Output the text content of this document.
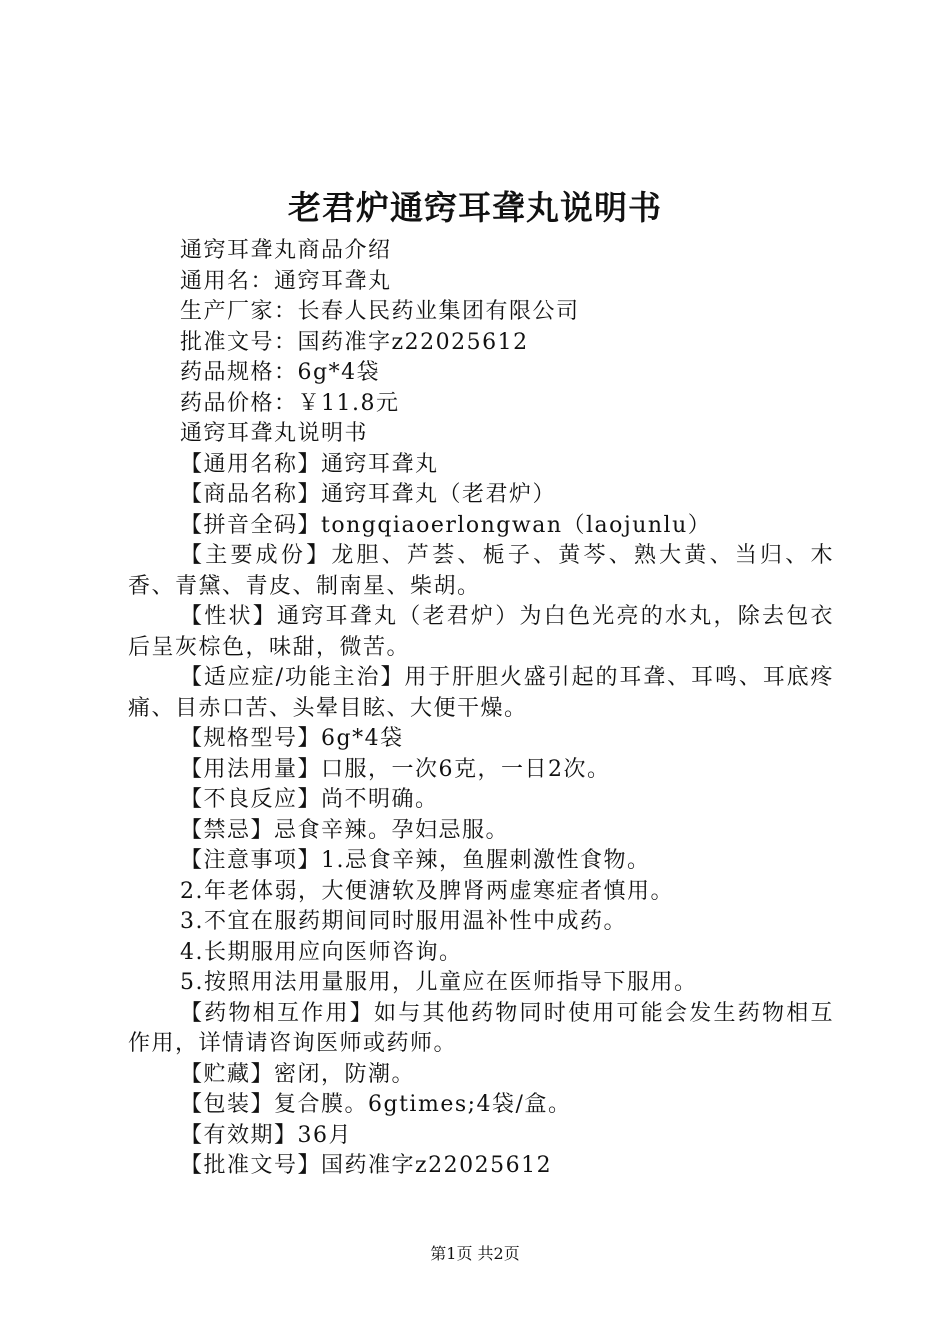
老君炉通窍耳聋丸说明书

通窍耳聋丸商品介绍

通用名：通窍耳聋丸

生产厂家：长春人民药业集团有限公司

批准文号：国药准字z22025612

药品规格：6g*4袋

药品价格：￥11.8元

通窍耳聋丸说明书

【通用名称】通窍耳聋丸

【商品名称】通窍耳聋丸（老君炉）

【拼音全码】tongqiaoerlongwan（laojunlu）

【主要成份】龙胆、芦荟、栀子、黄芩、熟大黄、当归、木香、青黛、青皮、制南星、柴胡。

【性状】通窍耳聋丸（老君炉）为白色光亮的水丸，除去包衣后呈灰棕色，味甜，微苦。

【适应症/功能主治】用于肝胆火盛引起的耳聋、耳鸣、耳底疼痛、目赤口苦、头晕目眩、大便干燥。

【规格型号】6g*4袋

【用法用量】口服，一次6克，一日2次。

【不良反应】尚不明确。

【禁忌】忌食辛辣。孕妇忌服。

【注意事项】1.忌食辛辣，鱼腥刺激性食物。

2.年老体弱，大便溏软及脾肾两虚寒症者慎用。

3.不宜在服药期间同时服用温补性中成药。

4.长期服用应向医师咨询。

5.按照用法用量服用，儿童应在医师指导下服用。

【药物相互作用】如与其他药物同时使用可能会发生药物相互作用，详情请咨询医师或药师。

【贮藏】密闭，防潮。

【包装】复合膜。6gtimes;4袋/盒。

【有效期】36月

【批准文号】国药准字z22025612

第1页 共2页
